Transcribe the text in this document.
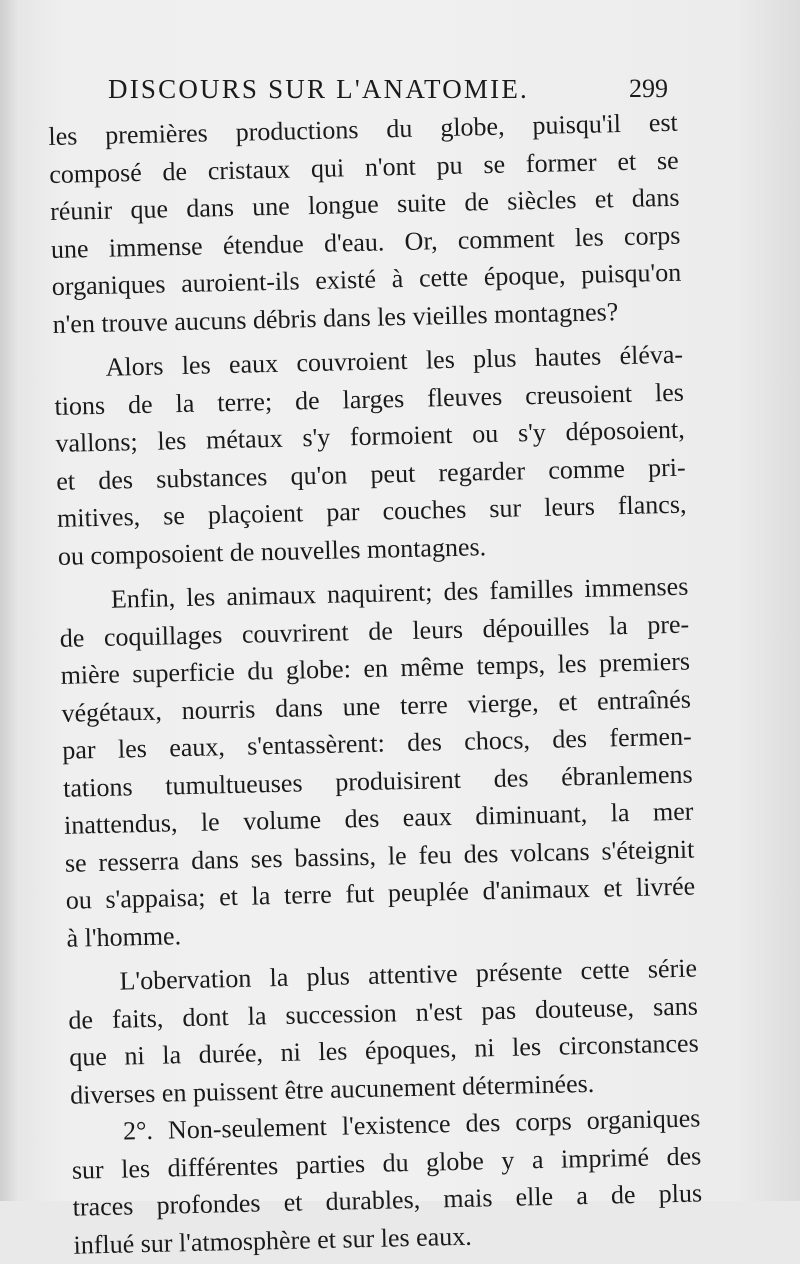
DISCOURS SUR L'ANATOMIE.	299
les premières productions du globe, puisqu'il est
composé de cristaux qui n'ont pu se former et se
réunir que dans une longue suite de siècles et dans
une immense étendue d'eau. Or, comment les corps
organiques auroient-ils existé à cette époque, puisqu'on
n'en trouve aucuns débris dans les vieilles montagnes?
Alors les eaux couvroient les plus hautes éléva-
tions de la terre; de larges fleuves creusoient les
vallons; les métaux s'y formoient ou s'y déposoient,
et des substances qu'on peut regarder comme pri-
mitives, se plaçoient par couches sur leurs flancs,
ou composoient de nouvelles montagnes.
Enfin, les animaux naquirent; des familles immenses
de coquillages couvrirent de leurs dépouilles la pre-
mière superficie du globe: en même temps, les premiers
végétaux, nourris dans une terre vierge, et entraînés
par les eaux, s'entassèrent: des chocs, des fermen-
tations tumultueuses produisirent des ébranlemens
inattendus, le volume des eaux diminuant, la mer
se resserra dans ses bassins, le feu des volcans s'éteignit
ou s'appaisa; et la terre fut peuplée d'animaux et livrée
à l'homme.
L'obervation la plus attentive présente cette série
de faits, dont la succession n'est pas douteuse, sans
que ni la durée, ni les époques, ni les circonstances
diverses en puissent être aucunement déterminées.
2°. Non-seulement l'existence des corps organiques
sur les différentes parties du globe y a imprimé des
traces profondes et durables, mais elle a de plus
influé sur l'atmosphère et sur les eaux.
